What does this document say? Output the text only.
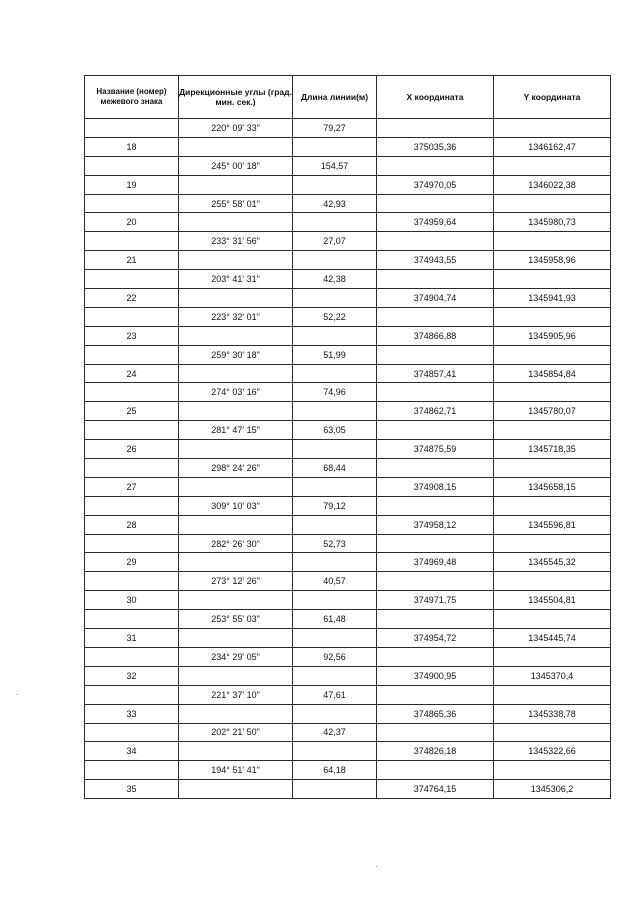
Название (номер) межевого знака	Дирекционные углы (град. мин. сек.)	Длина линии(м)	X координата	Y координата
	220° 09' 33"	79,27		
18			375035,36	1346162,47
	245° 00' 18"	154,57		
19			374970,05	1346022,38
	255° 58' 01"	42,93		
20			374959,64	1345980,73
	233° 31' 56"	27,07		
21			374943,55	1345958,96
	203° 41' 31"	42,38		
22			374904,74	1345941,93
	223° 32' 01"	52,22		
23			374866,88	1345905,96
	259° 30' 18"	51,99		
24			374857,41	1345854,84
	274° 03' 16"	74,96		
25			374862,71	1345780,07
	281° 47' 15"	63,05		
26			374875,59	1345718,35
	298° 24' 26"	68,44		
27			374908,15	1345658,15
	309° 10' 03"	79,12		
28			374958,12	1345596,81
	282° 26' 30"	52,73		
29			374969,48	1345545,32
	273° 12' 26"	40,57		
30			374971,75	1345504,81
	253° 55' 03"	61,48		
31			374954,72	1345445,74
	234° 29' 05"	92,56		
32			374900,95	1345370,4
	221° 37' 10"	47,61		
33			374865,36	1345338,78
	202° 21' 50"	42,37		
34			374826,18	1345322,66
	194° 51' 41"	64,18		
35			374764,15	1345306,2
